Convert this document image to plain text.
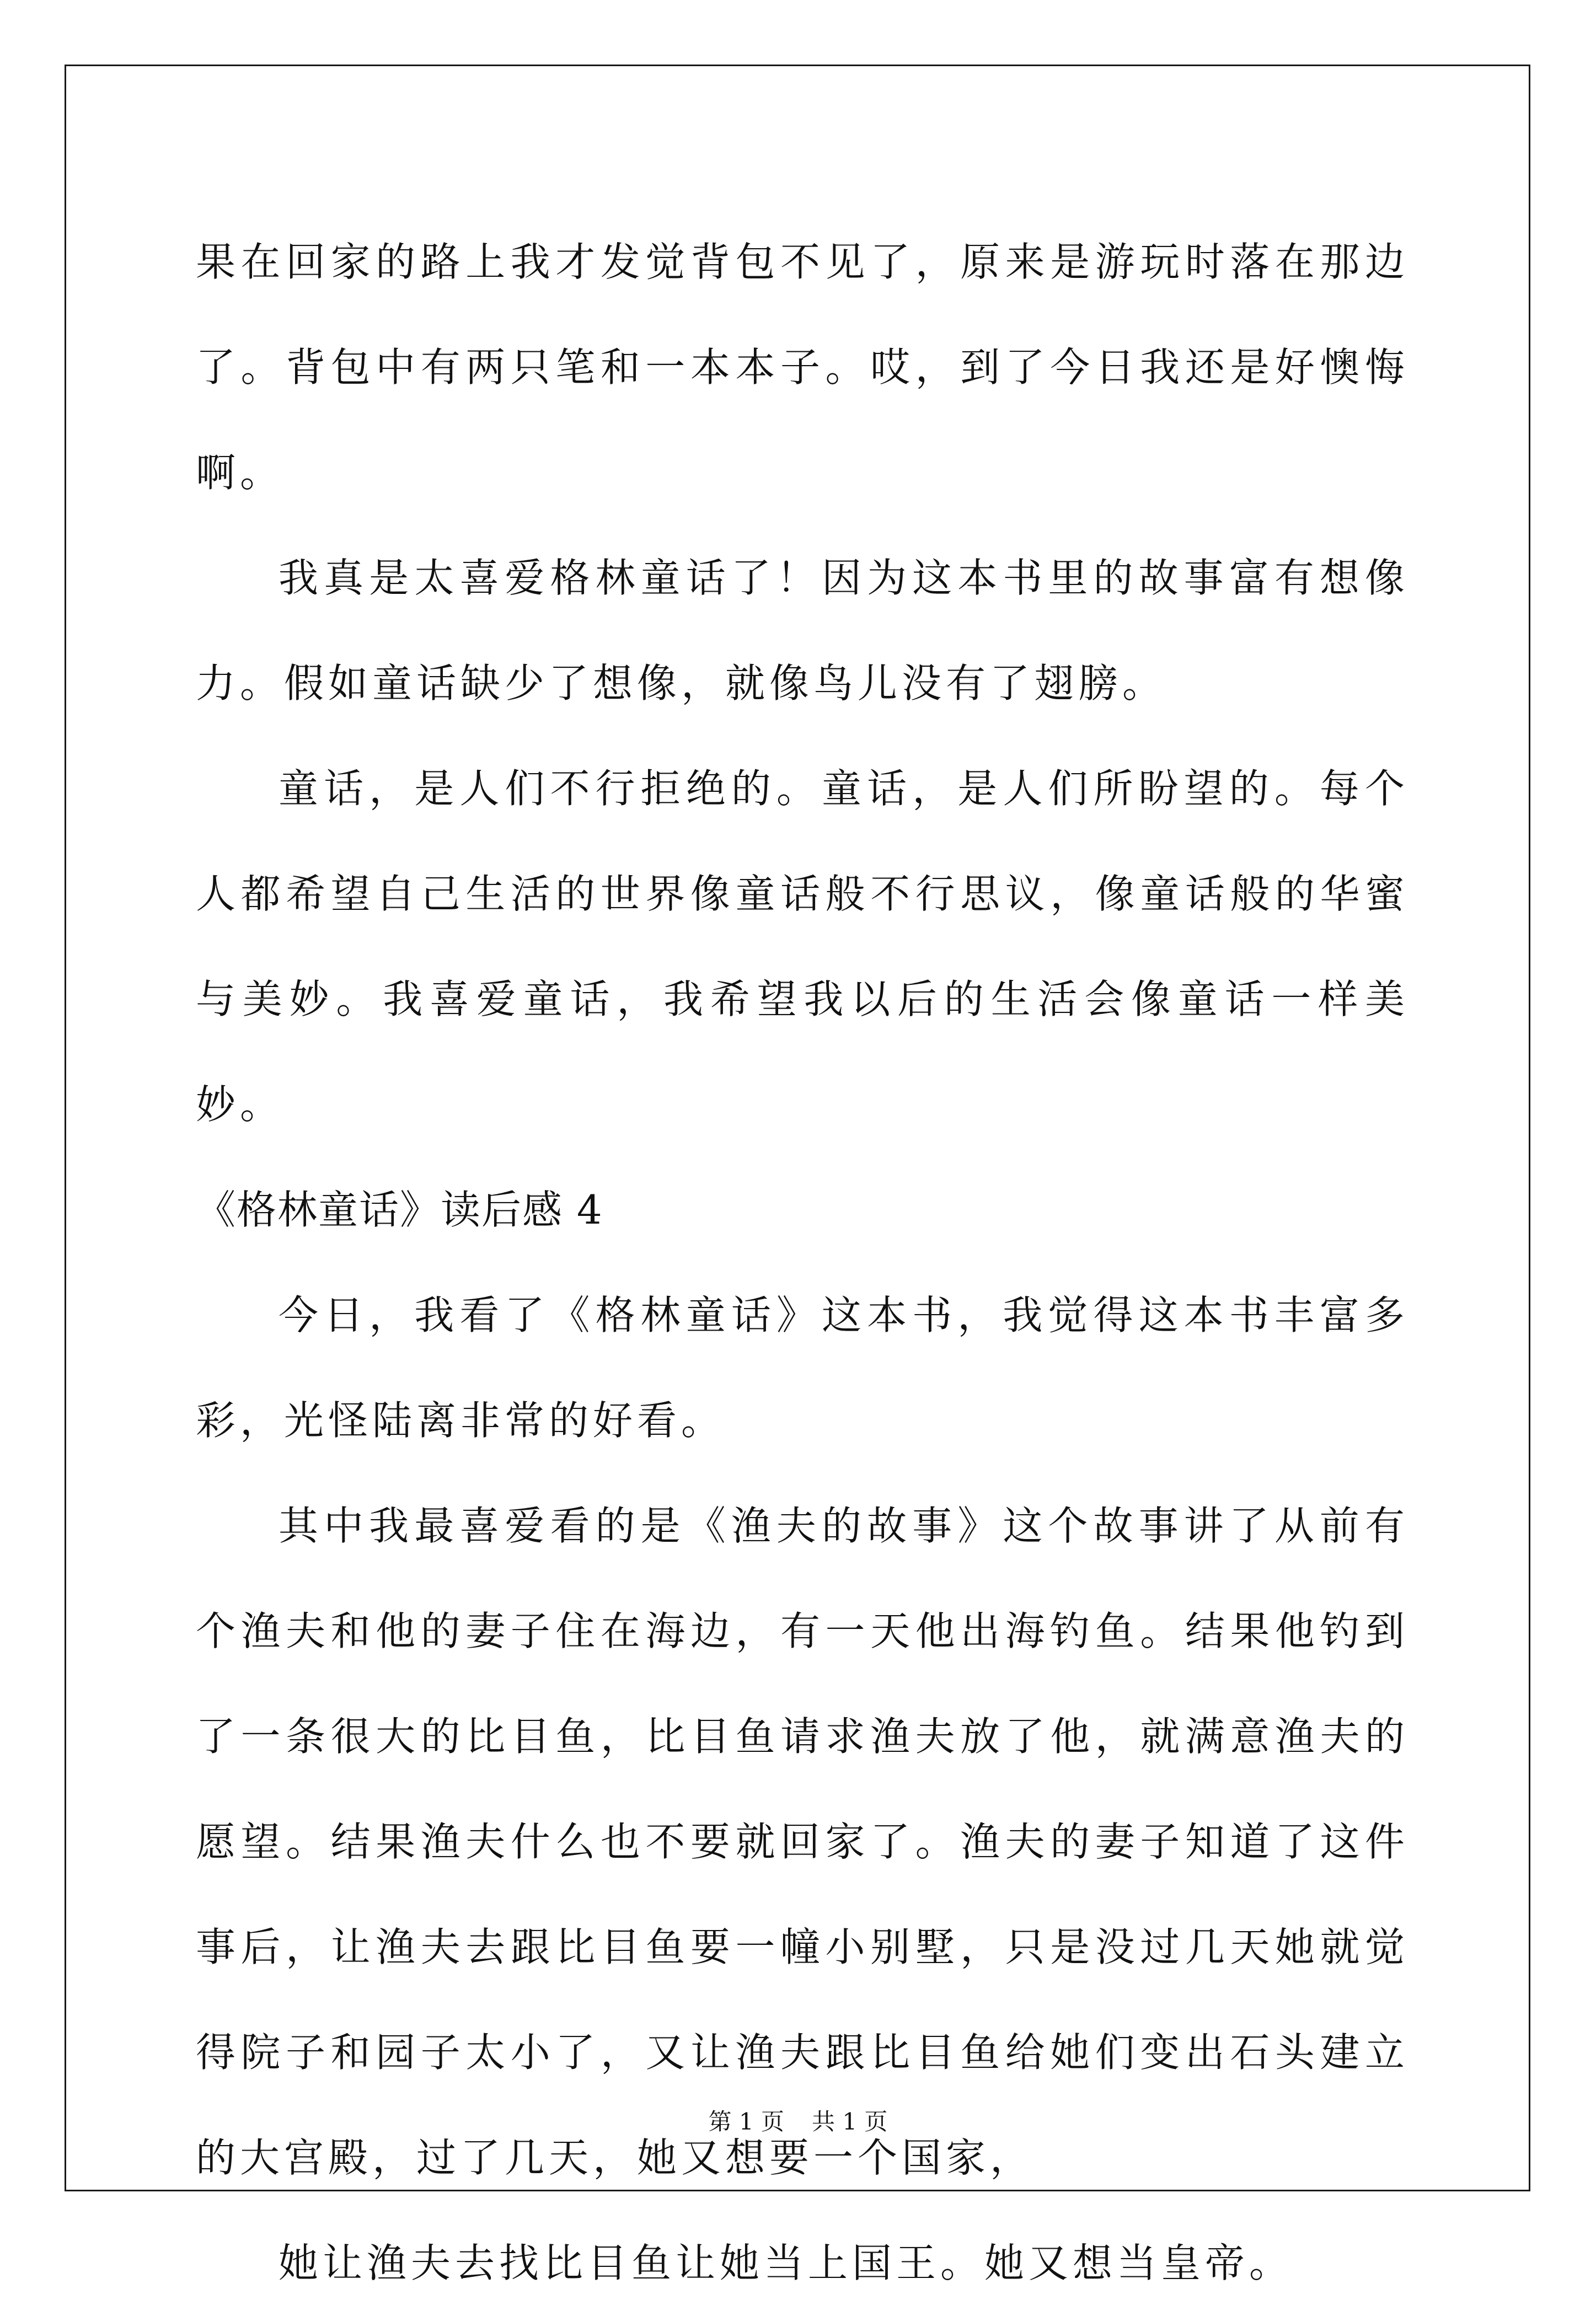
果在回家的路上我才发觉背包不见了，原来是游玩时落在那边了。背包中有两只笔和一本本子。哎，到了今日我还是好懊悔啊。

我真是太喜爱格林童话了！因为这本书里的故事富有想像力。假如童话缺少了想像，就像鸟儿没有了翅膀。

童话，是人们不行拒绝的。童话，是人们所盼望的。每个人都希望自己生活的世界像童话般不行思议，像童话般的华蜜与美妙。我喜爱童话，我希望我以后的生活会像童话一样美妙。

《格林童话》读后感 4

今日，我看了《格林童话》这本书，我觉得这本书丰富多彩，光怪陆离非常的好看。

其中我最喜爱看的是《渔夫的故事》这个故事讲了从前有个渔夫和他的妻子住在海边，有一天他出海钓鱼。结果他钓到了一条很大的比目鱼，比目鱼请求渔夫放了他，就满意渔夫的愿望。结果渔夫什么也不要就回家了。渔夫的妻子知道了这件事后，让渔夫去跟比目鱼要一幢小别墅，只是没过几天她就觉得院子和园子太小了，又让渔夫跟比目鱼给她们变出石头建立的大宫殿，过了几天，她又想要一个国家，

她让渔夫去找比目鱼让她当上国王。她又想当皇帝。

第 1 页 共 1 页
